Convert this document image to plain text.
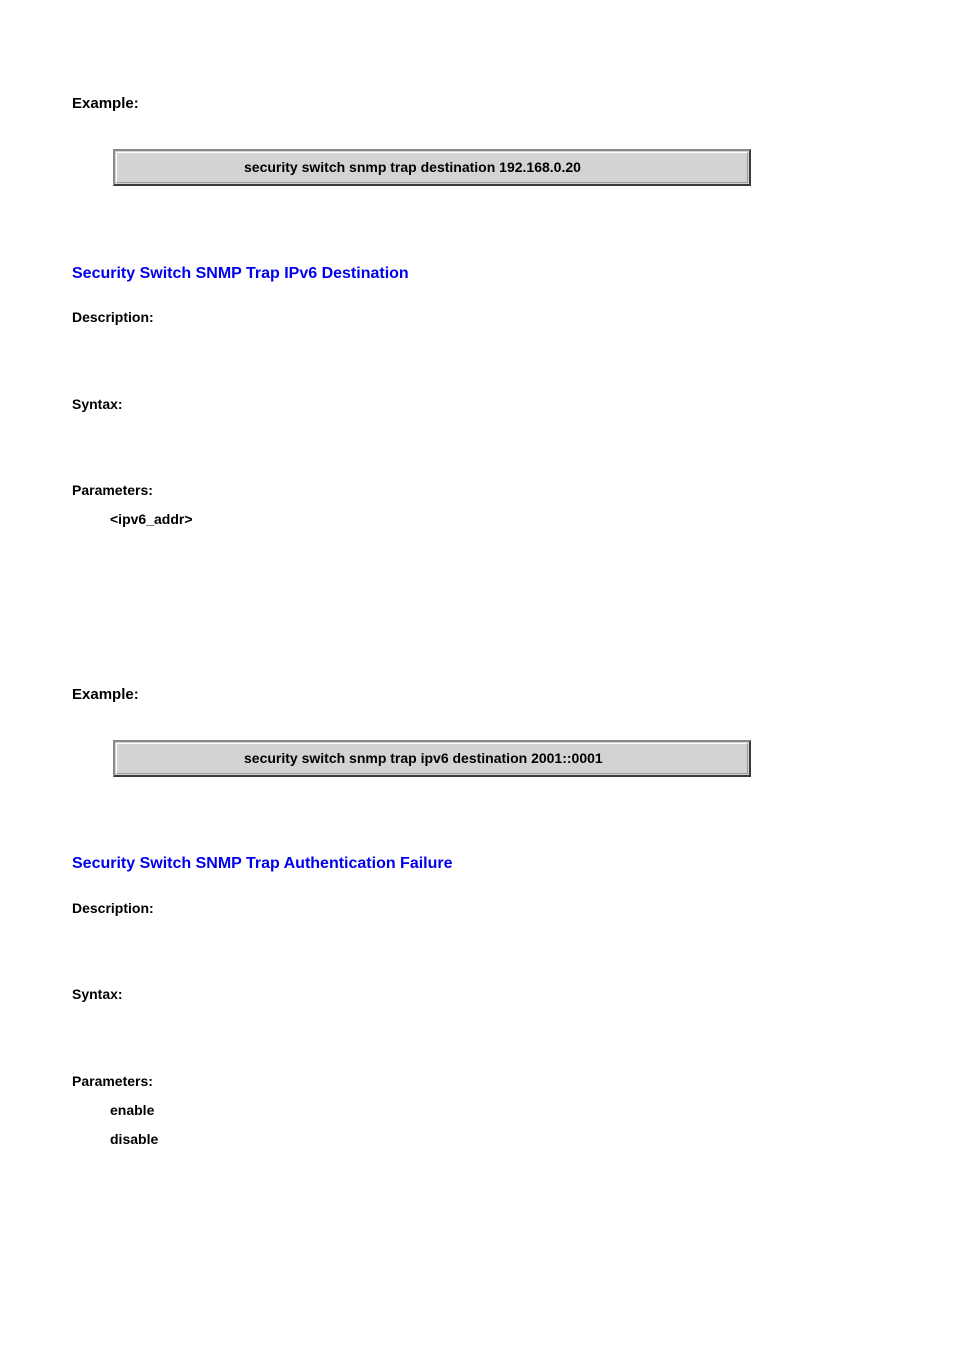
Example:
security switch snmp trap destination 192.168.0.20
Security Switch SNMP Trap IPv6 Destination
Description:
Syntax:
Parameters:
<ipv6_addr>
Example:
security switch snmp trap ipv6 destination 2001::0001
Security Switch SNMP Trap Authentication Failure
Description:
Syntax:
Parameters:
enable
disable
